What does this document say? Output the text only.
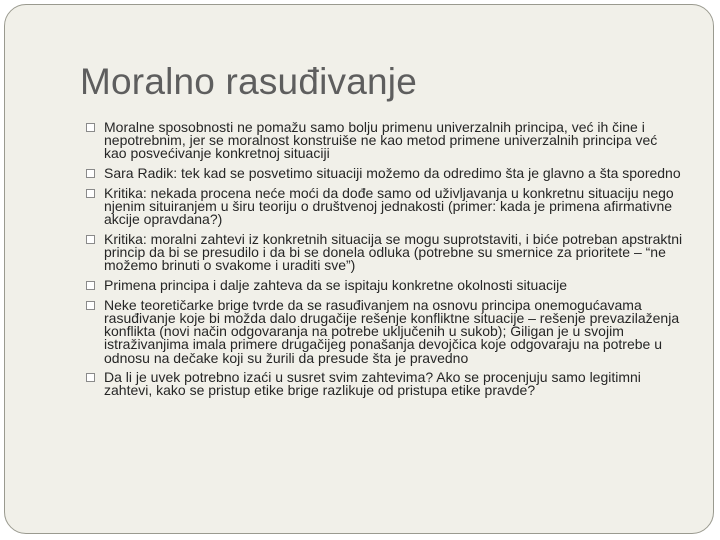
Moralno rasuđivanje
Moralne sposobnosti ne pomažu samo bolju primenu univerzalnih principa, već ih čine i nepotrebnim, jer se moralnost konstruiše ne kao metod primene univerzalnih principa već kao posvećivanje konkretnoj situaciji
Sara Radik: tek kad se posvetimo situaciji možemo da odredimo šta je glavno a šta sporedno
Kritika: nekada procena neće moći da dođe samo od uživljavanja u konkretnu situaciju nego njenim situiranjem u širu teoriju o društvenoj jednakosti (primer: kada je primena afirmativne akcije opravdana?)
Kritika: moralni zahtevi iz konkretnih situacija se mogu suprotstaviti, i biće potreban apstraktni princip da bi se presudilo i da bi se donela odluka (potrebne su smernice za prioritete – “ne možemo brinuti o svakome i uraditi sve”)
Primena principa i dalje zahteva da se ispitaju konkretne okolnosti situacije
Neke teoretičarke brige tvrde da se rasuđivanjem na osnovu principa onemogućavama rasuđivanje koje bi možda dalo drugačije rešenje konfliktne situacije – rešenje prevazilaženja konflikta (novi način odgovaranja na potrebe uključenih u sukob); Giligan je u svojim istraživanjima imala primere drugačijeg ponašanja devojčica koje odgovaraju na potrebe u odnosu na dečake koji su žurili da presude šta je pravedno
Da li je uvek potrebno izaći u susret svim zahtevima? Ako se procenjuju samo legitimni zahtevi, kako se pristup etike brige razlikuje od pristupa etike pravde?
